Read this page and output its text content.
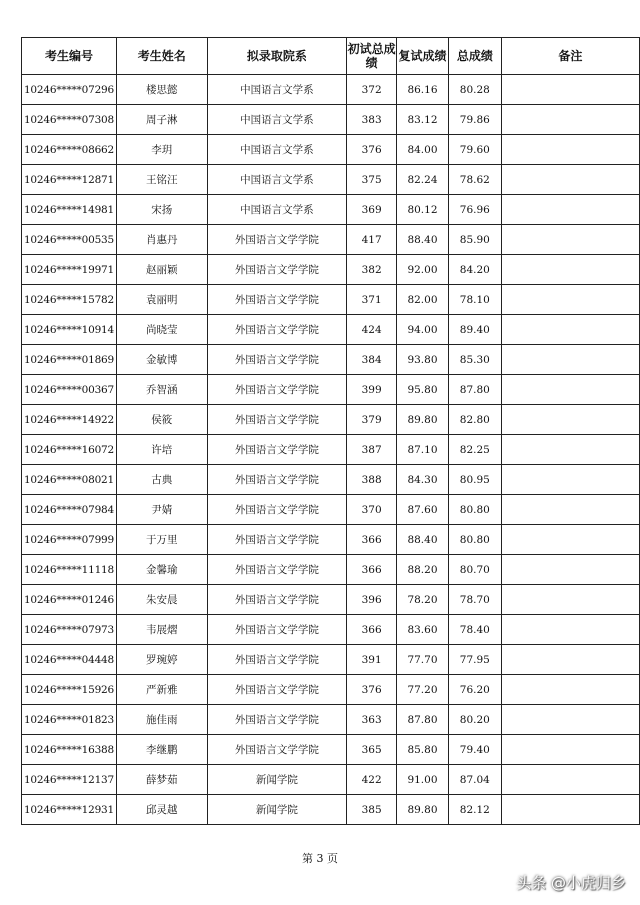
考生编号	考生姓名	拟录取院系	初试总成绩	复试成绩	总成绩	备注
10246*****07296	楼思懿	中国语言文学系	372	86.16	80.28	
10246*****07308	周子淋	中国语言文学系	383	83.12	79.86	
10246*****08662	李玥	中国语言文学系	376	84.00	79.60	
10246*****12871	王铭汪	中国语言文学系	375	82.24	78.62	
10246*****14981	宋扬	中国语言文学系	369	80.12	76.96	
10246*****00535	肖惠丹	外国语言文学学院	417	88.40	85.90	
10246*****19971	赵丽颖	外国语言文学学院	382	92.00	84.20	
10246*****15782	袁丽明	外国语言文学学院	371	82.00	78.10	
10246*****10914	尚晓莹	外国语言文学学院	424	94.00	89.40	
10246*****01869	金敏博	外国语言文学学院	384	93.80	85.30	
10246*****00367	乔智涵	外国语言文学学院	399	95.80	87.80	
10246*****14922	侯筱	外国语言文学学院	379	89.80	82.80	
10246*****16072	许培	外国语言文学学院	387	87.10	82.25	
10246*****08021	古典	外国语言文学学院	388	84.30	80.95	
10246*****07984	尹婧	外国语言文学学院	370	87.60	80.80	
10246*****07999	于万里	外国语言文学学院	366	88.40	80.80	
10246*****11118	金馨瑜	外国语言文学学院	366	88.20	80.70	
10246*****01246	朱安晨	外国语言文学学院	396	78.20	78.70	
10246*****07973	韦展熠	外国语言文学学院	366	83.60	78.40	
10246*****04448	罗琬婷	外国语言文学学院	391	77.70	77.95	
10246*****15926	严新雅	外国语言文学学院	376	77.20	76.20	
10246*****01823	施佳雨	外国语言文学学院	363	87.80	80.20	
10246*****16388	李继鹏	外国语言文学学院	365	85.80	79.40	
10246*****12137	薛梦茹	新闻学院	422	91.00	87.04	
10246*****12931	邱灵越	新闻学院	385	89.80	82.12	
第 3 页
头条 @小虎归乡
